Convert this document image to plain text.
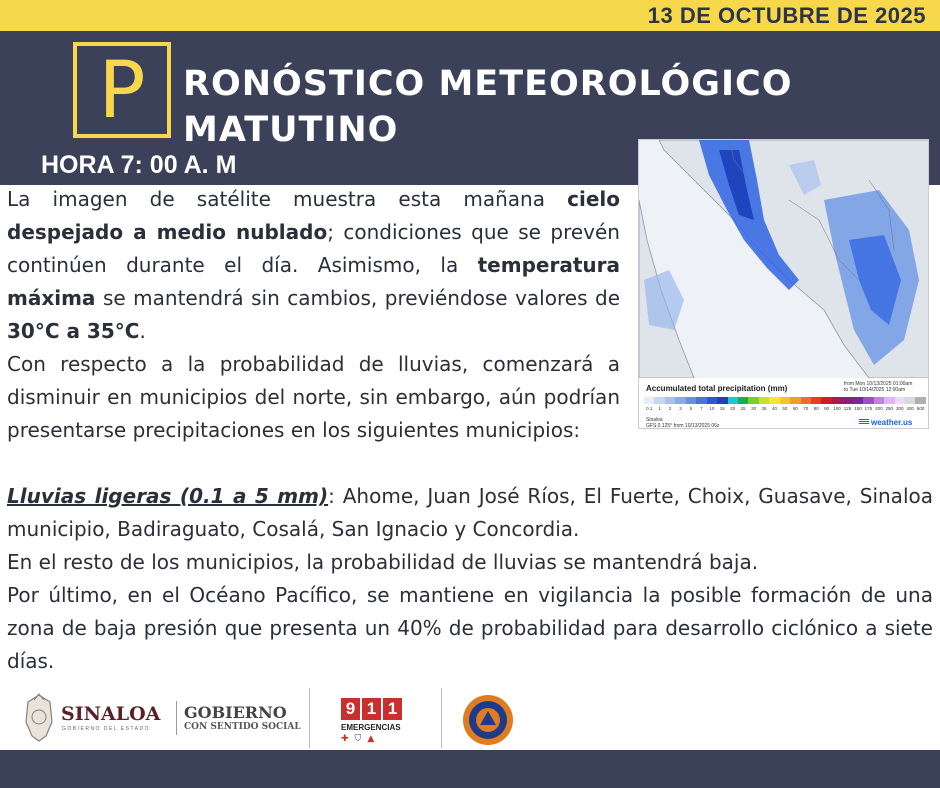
13 DE OCTUBRE DE 2025
P	RONÓSTICO METEOROLÓGICO
MATUTINO
HORA 7: 00 A. M
Accumulated total precipitation (mm)	from Mon 10/13/2025 01:00am
to Tue 10/14/2025 12:00am
0.1	1	2	3	5	7	10	15	20	25	30	35	40	50	60	70	80	90 100 125 150 175 200 250 300 400 500
Sinaloa
GFS 0.125° from 10/13/2025 06z	weather.us
La imagen de satélite muestra esta mañana cielo despejado a medio nublado; condiciones que se prevén continúen durante el día. Asimismo, la temperatura máxima se mantendrá sin cambios, previéndose valores de 30°C a 35°C.
Con respecto a la probabilidad de lluvias, comenzará a disminuir en municipios del norte, sin embargo, aún podrían presentarse precipitaciones en los siguientes municipios:
Lluvias ligeras (0.1 a 5 mm): Ahome, Juan José Ríos, El Fuerte, Choix, Guasave, Sinaloa municipio, Badiraguato, Cosalá, San Ignacio y Concordia.
En el resto de los municipios, la probabilidad de lluvias se mantendrá baja.
Por último, en el Océano Pacífico, se mantiene en vigilancia la posible formación de una zona de baja presión que presenta un 40% de probabilidad para desarrollo ciclónico a siete días.
SINALOA
GOBIERNO DEL ESTADO
GOBIERNO
CON SENTIDO SOCIAL
9 1 1
EMERGENCIAS
✚⛉▲
